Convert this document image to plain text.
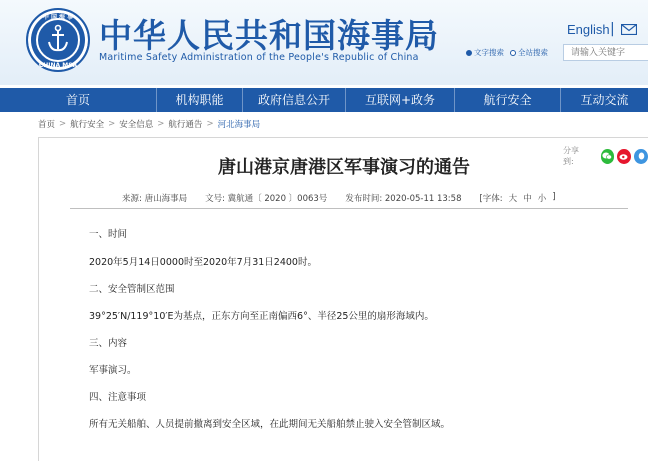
中 国 海 事
CHINA MSA
中华人民共和国海事局
Maritime Safety Administration of the People's Republic of China
English |
文字搜索 全站搜索
请输入关键字
首页	机构职能	政府信息公开	互联网+政务	航行安全	互动交流
首页 > 航行安全 > 安全信息 > 航行通告 > 河北海事局
分享到:
唐山港京唐港区军事演习的通告
来源: 唐山海事局 文号: 冀航通〔 2020 〕0063号 发布时间: 2020-05-11 13:58 [字体: 大 中 小 ]
一、时间
2020年5月14日0000时至2020年7月31日2400时。
二、安全管制区范围
39°25′N/119°10′E为基点，正东方向至正南偏西6°、半径25公里的扇形海域内。
三、内容
军事演习。
四、注意事项
所有无关船舶、人员提前撤离到安全区域，在此期间无关船舶禁止驶入安全管制区域。
